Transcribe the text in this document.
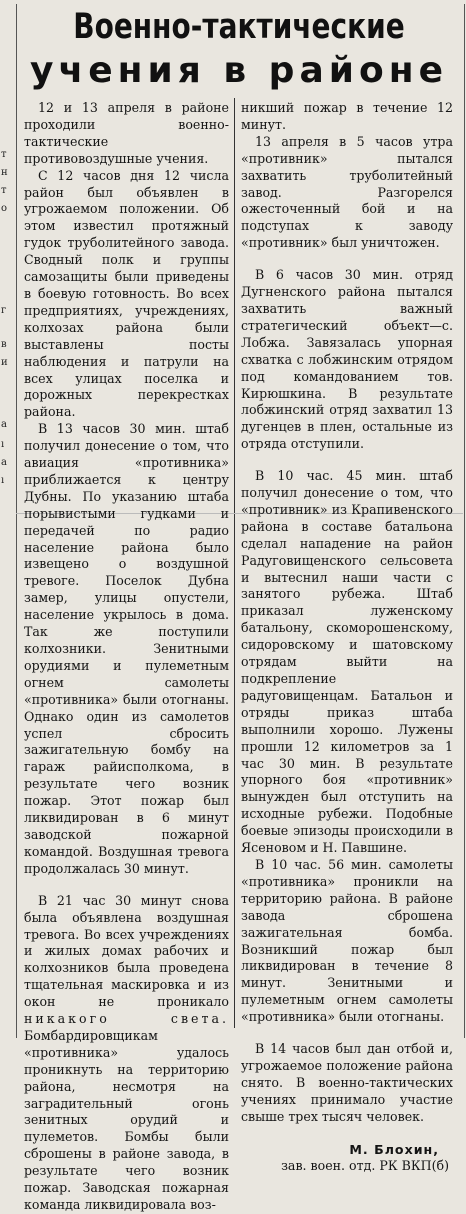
т
н
т
о
г
в
и
а
ı
а
ı
Военно-тактические
учения в районе

12 и 13 апреля в районе проходили военно-тактические противовоздушные учения.

С 12 часов дня 12 числа район был объявлен в угрожаемом положении. Об этом известил протяжный гудок труболитейного завода. Сводный полк и группы самозащиты были приведены в боевую готовность. Во всех предприятиях, учреждениях, колхозах района были выставлены посты наблюдения и патрули на всех улицах поселка и дорожных перекрестках района.

В 13 часов 30 мин. штаб получил донесение о том, что авиация «противника» приближается к центру Дубны. По указанию штаба порывистыми гудками и передачей по радио население района было извещено о воздушной тревоге. Поселок Дубна замер, улицы опустели, население укрылось в дома. Так же поступили колхозники. Зенитными орудиями и пулеметным огнем самолеты «противника» были отогнаны. Однако один из самолетов успел сбросить зажигательную бомбу на гараж райисполкома, в результате чего возник пожар. Этот пожар был ликвидирован в 6 минут заводской пожарной командой. Воздушная тревога продолжалась 30 минут.

В 21 час 30 минут снова была объявлена воздушная тревога. Во всех учреждениях и жилых домах рабочих и колхозников была проведена тщательная маскировка и из окон не проникало никакого света. Бомбардировщикам «противника» удалось проникнуть на территорию района, несмотря на заградительный огонь зенитных орудий и пулеметов. Бомбы были сброшены в районе завода, в результате чего возник пожар. Заводская пожарная команда ликвидировала воз-

никший пожар в течение 12 минут.

13 апреля в 5 часов утра «противник» пытался захватить труболитейный завод. Разгорелся ожесточенный бой и на подступах к заводу «противник» был уничтожен.

В 6 часов 30 мин. отряд Дугненского района пытался захватить важный стратегический объект—с. Лобжа. Завязалась упорная схватка с лобжинским отрядом под командованием тов. Кирюшкина. В результате лобжинский отряд захватил 13 дугенцев в плен, остальные из отряда отступили.

В 10 час. 45 мин. штаб получил донесение о том, что «противник» из Крапивенского района в составе батальона сделал нападение на район Радуговищенского сельсовета и вытеснил наши части с занятого рубежа. Штаб приказал луженскому батальону, скоморошенскому, сидоровскому и шатовскому отрядам выйти на подкрепление радуговищенцам. Батальон и отряды приказ штаба выполнили хорошо. Лужены прошли 12 километров за 1 час 30 мин. В результате упорного боя «противник» вынужден был отступить на исходные рубежи. Подобные боевые эпизоды происходили в Ясеновом и Н. Павшине.

В 10 час. 56 мин. самолеты «противника» проникли на территорию района. В районе завода сброшена зажигательная бомба. Возникший пожар был ликвидирован в течение 8 минут. Зенитными и пулеметным огнем самолеты «противника» были отогнаны.

В 14 часов был дан отбой и, угрожаемое положение района снято. В военно-тактических учениях принимало участие свыше трех тысяч человек.

М. Блохин,
зав. воен. отд. РК ВКП(б)
